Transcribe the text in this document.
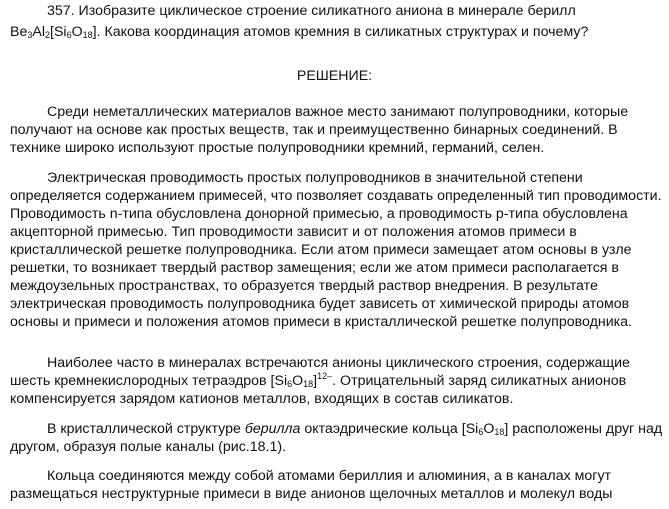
357. Изобразите циклическое строение силикатного аниона в минерале берилл
$Be_3Al_2[Si_6O_{18}]$. Какова координация атомов кремния в силикатных структурах и почему?

РЕШЕНИЕ:

Среди неметаллических материалов важное место занимают полупроводники, которые
получают на основе как простых веществ, так и преимущественно бинарных соединений. В
технике широко используют простые полупроводники кремний, германий, селен.
Электрическая проводимость простых полупроводников в значительной степени
определяется содержанием примесей, что позволяет создавать определенный тип проводимости.
Проводимость n-типа обусловлена донорной примесью, а проводимость p-типа обусловлена
акцепторной примесью. Тип проводимости зависит и от положения атомов примеси в
кристаллической решетке полупроводника. Если атом примеси замещает атом основы в узле
решетки, то возникает твердый раствор замещения; если же атом примеси располагается в
междоузельных пространствах, то образуется твердый раствор внедрения. В результате
электрическая проводимость полупроводника будет зависеть от химической природы атомов
основы и примеси и положения атомов примеси в кристаллической решетке полупроводника.
Наиболее часто в минералах встречаются анионы циклического строения, содержащие
шесть кремнекислородных тетраэдров $[Si_6O_{18}]^{12-}$. Отрицательный заряд силикатных анионов
компенсируется зарядом катионов металлов, входящих в состав силикатов.
В кристаллической структуре берилла октаэдрические кольца $[Si_6O_{18}]$ расположены друг над
другом, образуя полые каналы (рис.18.1).
Кольца соединяются между собой атомами бериллия и алюминия, а в каналах могут
размещаться неструктурные примеси в виде анионов щелочных металлов и молекул воды
